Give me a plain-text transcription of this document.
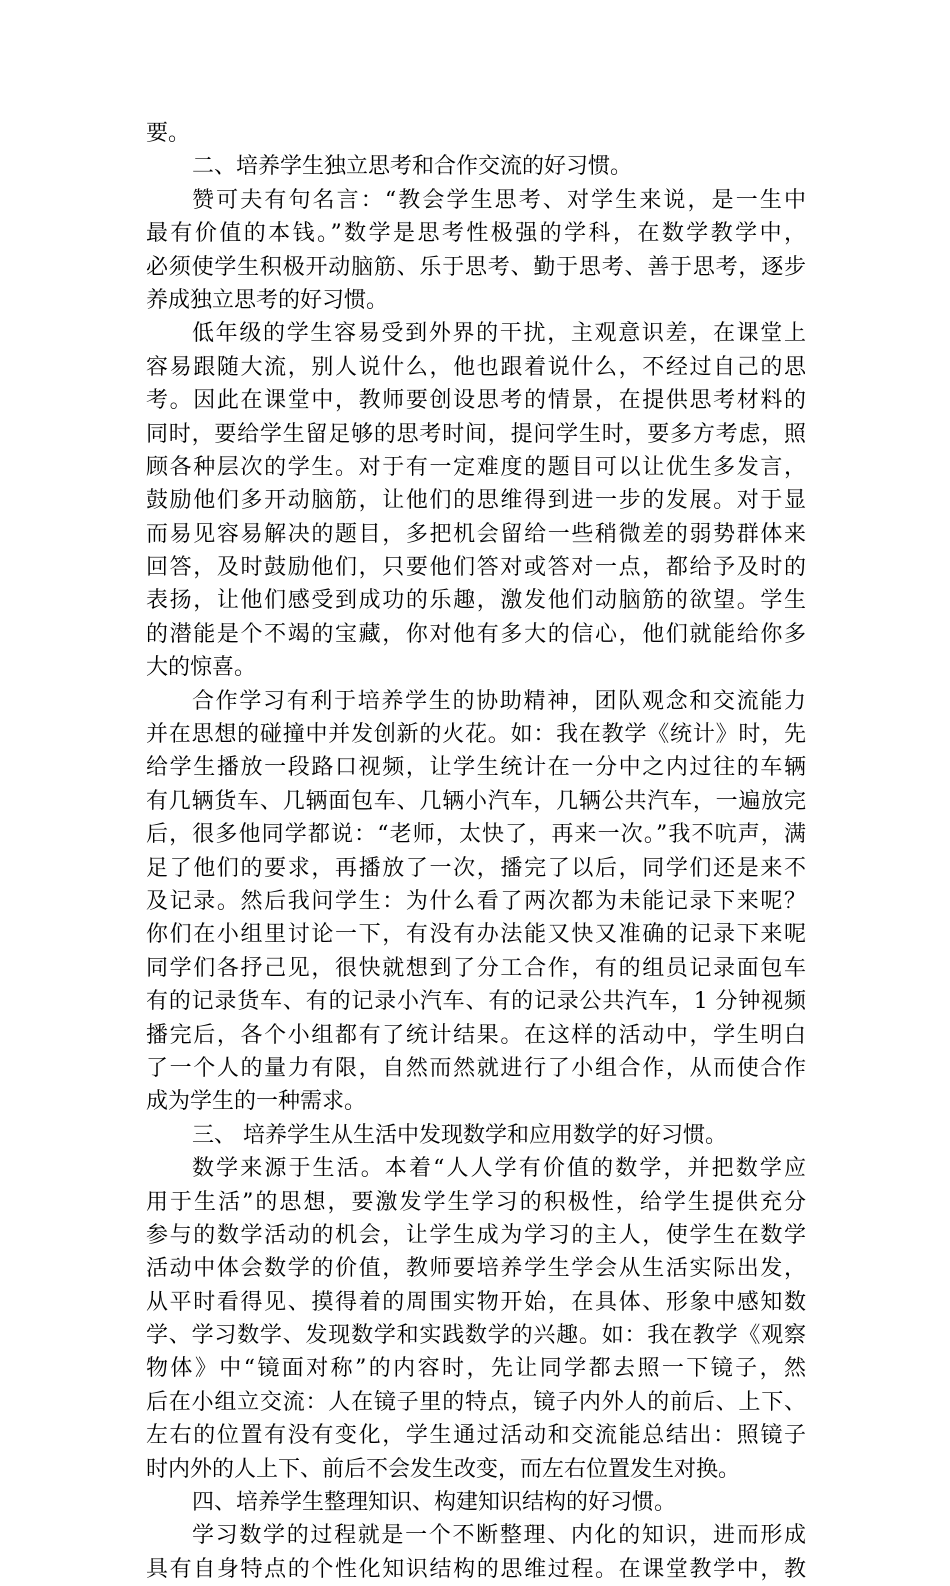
要。
二、培养学生独立思考和合作交流的好习惯。
赞可夫有句名言：“教会学生思考、对学生来说，是一生中
最有价值的本钱。”数学是思考性极强的学科，在数学教学中，
必须使学生积极开动脑筋、乐于思考、勤于思考、善于思考，逐步
养成独立思考的好习惯。
低年级的学生容易受到外界的干扰，主观意识差，在课堂上
容易跟随大流，别人说什么，他也跟着说什么，不经过自己的思
考。因此在课堂中，教师要创设思考的情景，在提供思考材料的
同时，要给学生留足够的思考时间，提问学生时，要多方考虑，照
顾各种层次的学生。对于有一定难度的题目可以让优生多发言，
鼓励他们多开动脑筋，让他们的思维得到进一步的发展。对于显
而易见容易解决的题目，多把机会留给一些稍微差的弱势群体来
回答，及时鼓励他们，只要他们答对或答对一点，都给予及时的
表扬，让他们感受到成功的乐趣，激发他们动脑筋的欲望。学生
的潜能是个不竭的宝藏，你对他有多大的信心，他们就能给你多
大的惊喜。
合作学习有利于培养学生的协助精神，团队观念和交流能力
并在思想的碰撞中并发创新的火花。如：我在教学《统计》时，先
给学生播放一段路口视频，让学生统计在一分中之内过往的车辆
有几辆货车、几辆面包车、几辆小汽车，几辆公共汽车，一遍放完
后，很多他同学都说：“老师，太快了，再来一次。”我不吭声，满
足了他们的要求，再播放了一次，播完了以后，同学们还是来不
及记录。然后我问学生：为什么看了两次都为未能记录下来呢？
你们在小组里讨论一下，有没有办法能又快又准确的记录下来呢
同学们各抒己见，很快就想到了分工合作，有的组员记录面包车
有的记录货车、有的记录小汽车、有的记录公共汽车，1 分钟视频
播完后，各个小组都有了统计结果。在这样的活动中，学生明白
了一个人的量力有限，自然而然就进行了小组合作，从而使合作
成为学生的一种需求。
三、 培养学生从生活中发现数学和应用数学的好习惯。
数学来源于生活。本着“人人学有价值的数学，并把数学应
用于生活”的思想，要激发学生学习的积极性，给学生提供充分
参与的数学活动的机会，让学生成为学习的主人，使学生在数学
活动中体会数学的价值，教师要培养学生学会从生活实际出发，
从平时看得见、摸得着的周围实物开始，在具体、形象中感知数
学、学习数学、发现数学和实践数学的兴趣。如：我在教学《观察
物体》中“镜面对称”的内容时，先让同学都去照一下镜子，然
后在小组立交流：人在镜子里的特点，镜子内外人的前后、上下、
左右的位置有没有变化，学生通过活动和交流能总结出：照镜子
时内外的人上下、前后不会发生改变，而左右位置发生对换。
四、培养学生整理知识、构建知识结构的好习惯。
学习数学的过程就是一个不断整理、内化的知识，进而形成
具有自身特点的个性化知识结构的思维过程。在课堂教学中，教
